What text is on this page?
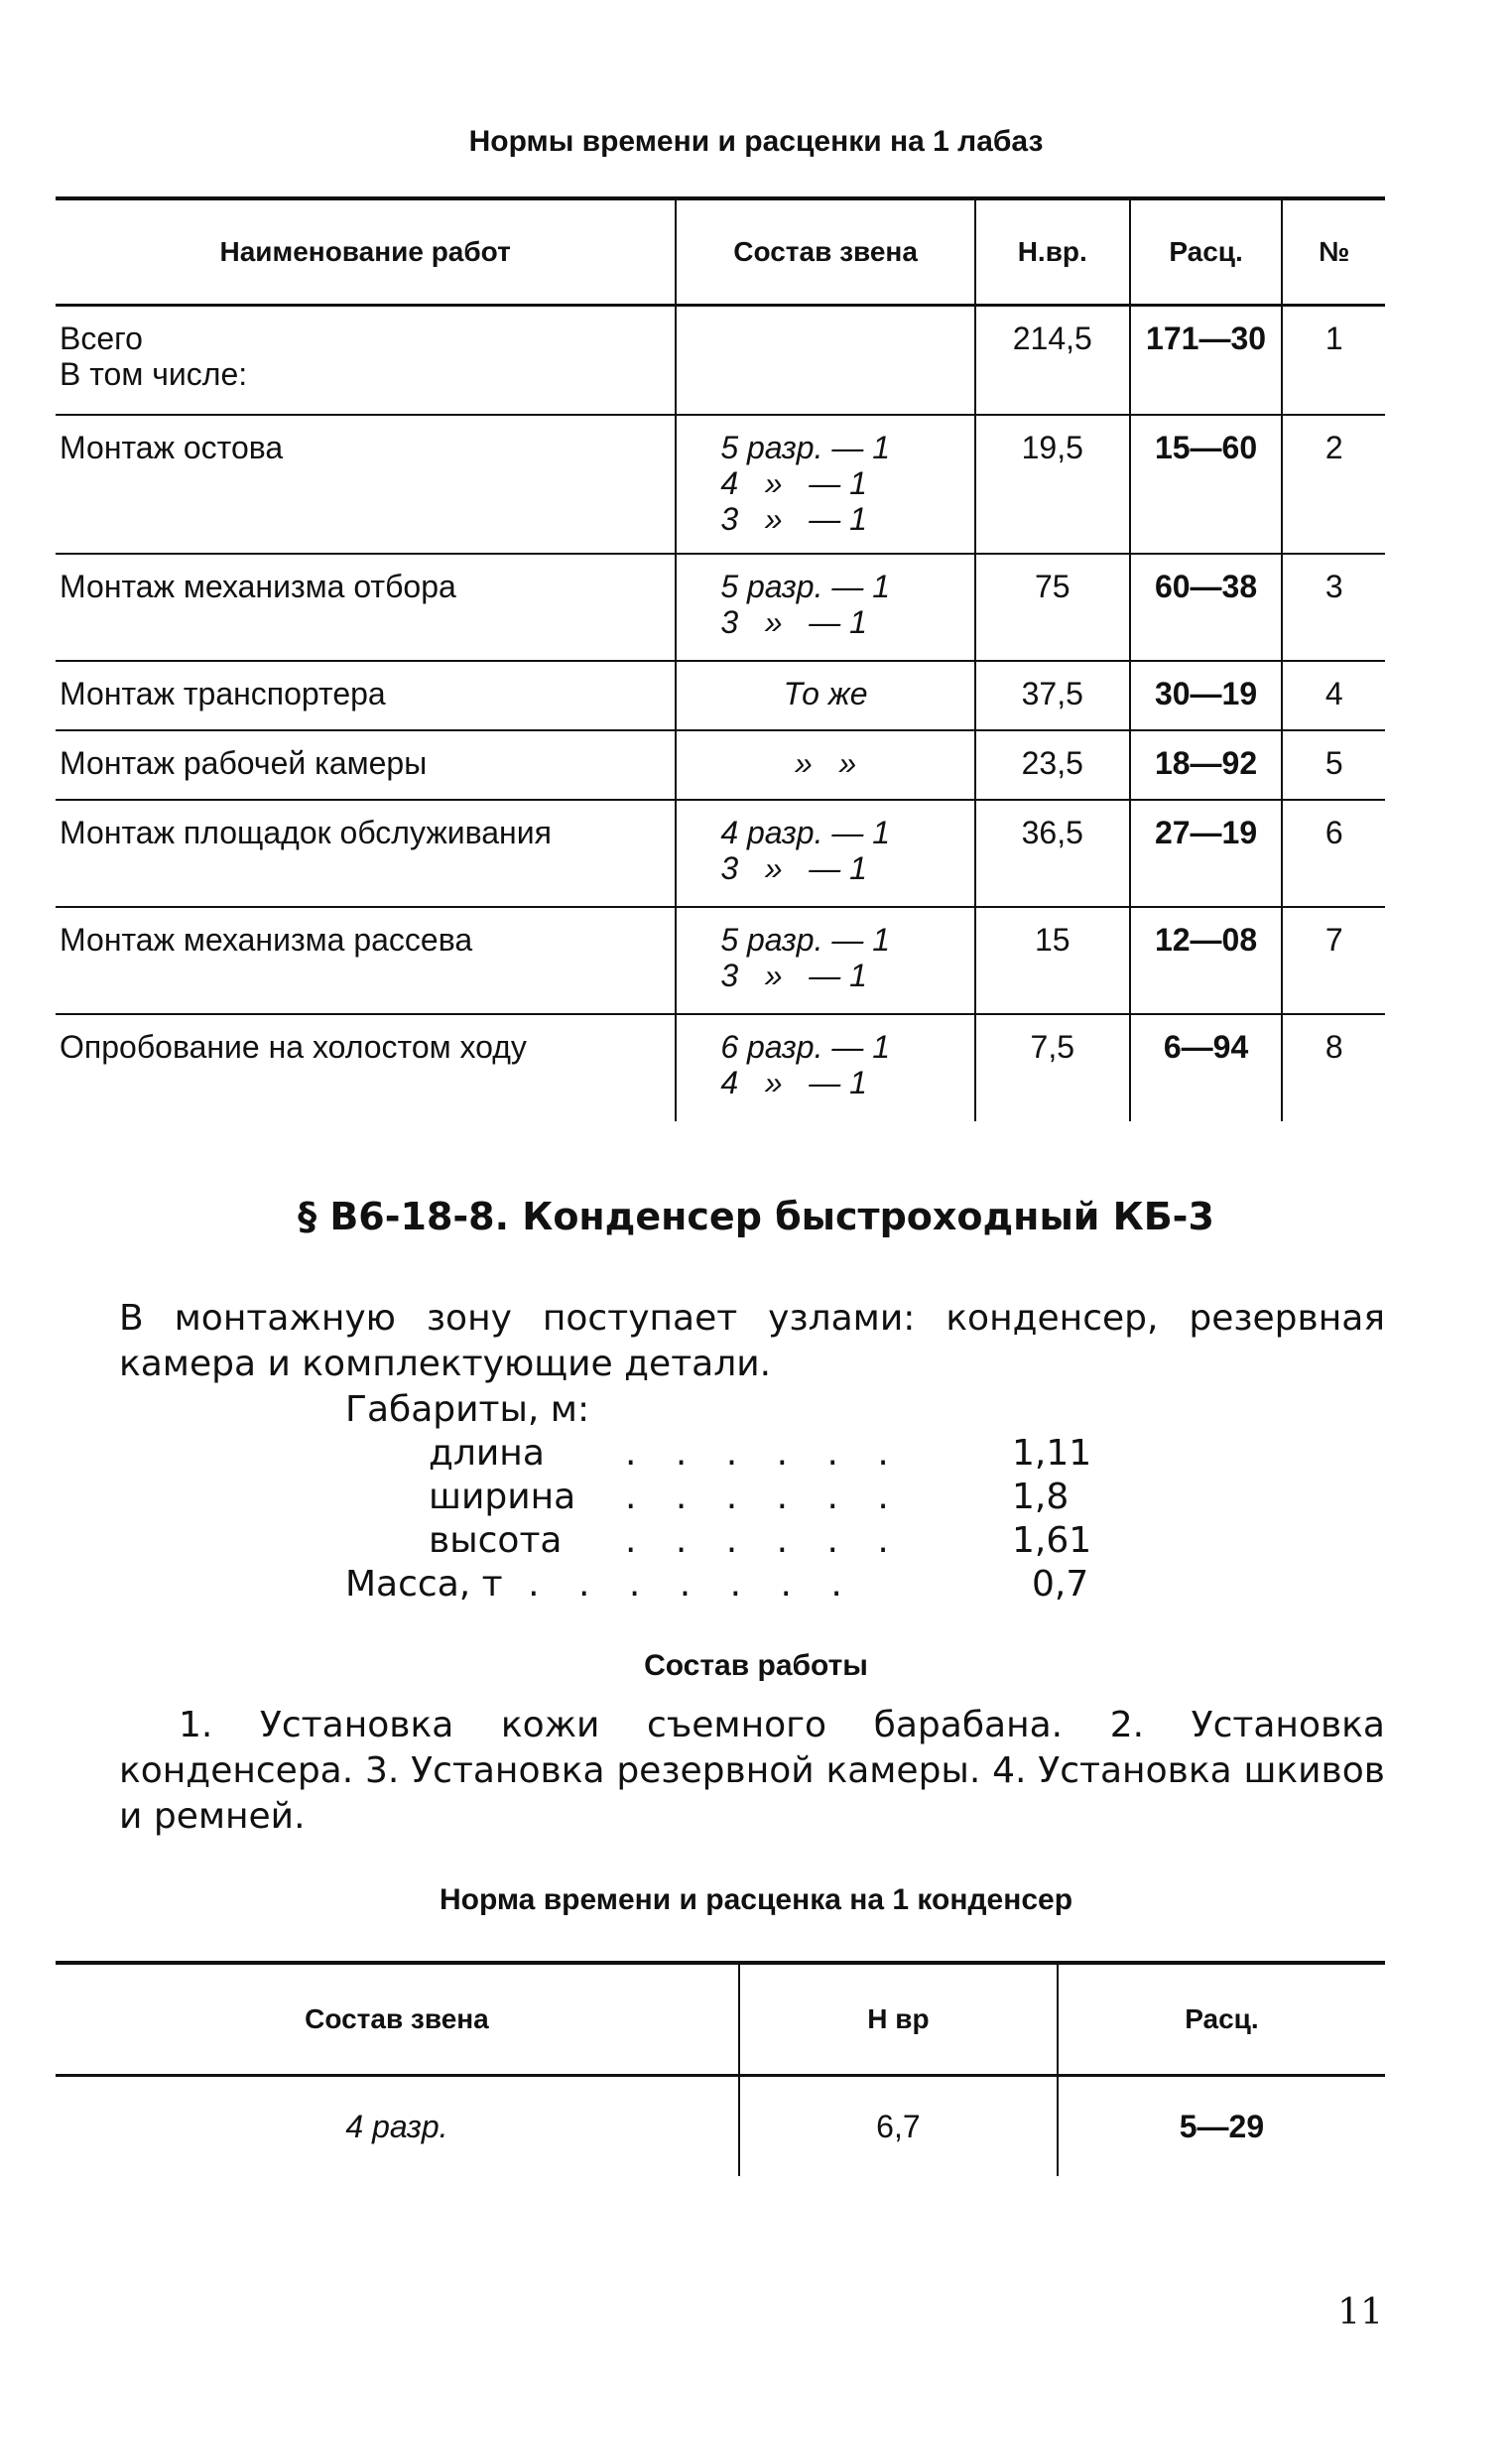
Нормы времени и расценки на 1 лабаз
Наименование работ	Состав звена	Н.вр.	Расц.	№

Всего
В том числе:		214,5	171—30	1

Монтаж остова	5 разр. — 1
4   »   — 1
3   »   — 1	19,5	15—60	2

Монтаж механизма отбора	5 разр. — 1
3   »   — 1	75	60—38	3

Монтаж транспортера	То же	37,5	30—19	4

Монтаж рабочей камеры	»   »	23,5	18—92	5

Монтаж площадок обслуживания	4 разр. — 1
3   »   — 1	36,5	27—19	6

Монтаж механизма рассева	5 разр. — 1
3   »   — 1	15	12—08	7

Опробование на холостом ходу	6 разр. — 1
4   »   — 1	7,5	6—94	8
§ В6-18-8. Конденсер быстроходный КБ-3
В монтажную зону поступает узлами: конденсер, резервная камера и комплектующие детали.
Габариты, м:
длина . . . . . .	1,11
ширина . . . . . .	1,8
высота . . . . . .	1,61
Масса, т . . . . . . .	0,7
Состав работы
1. Установка кожи съемного барабана. 2. Установка конденсера. 3. Установка резервной камеры. 4. Установка шкивов и ремней.
Норма времени и расценка на 1 конденсер
Состав звена	Н вр	Расц.
4 разр.	6,7	5—29
11
